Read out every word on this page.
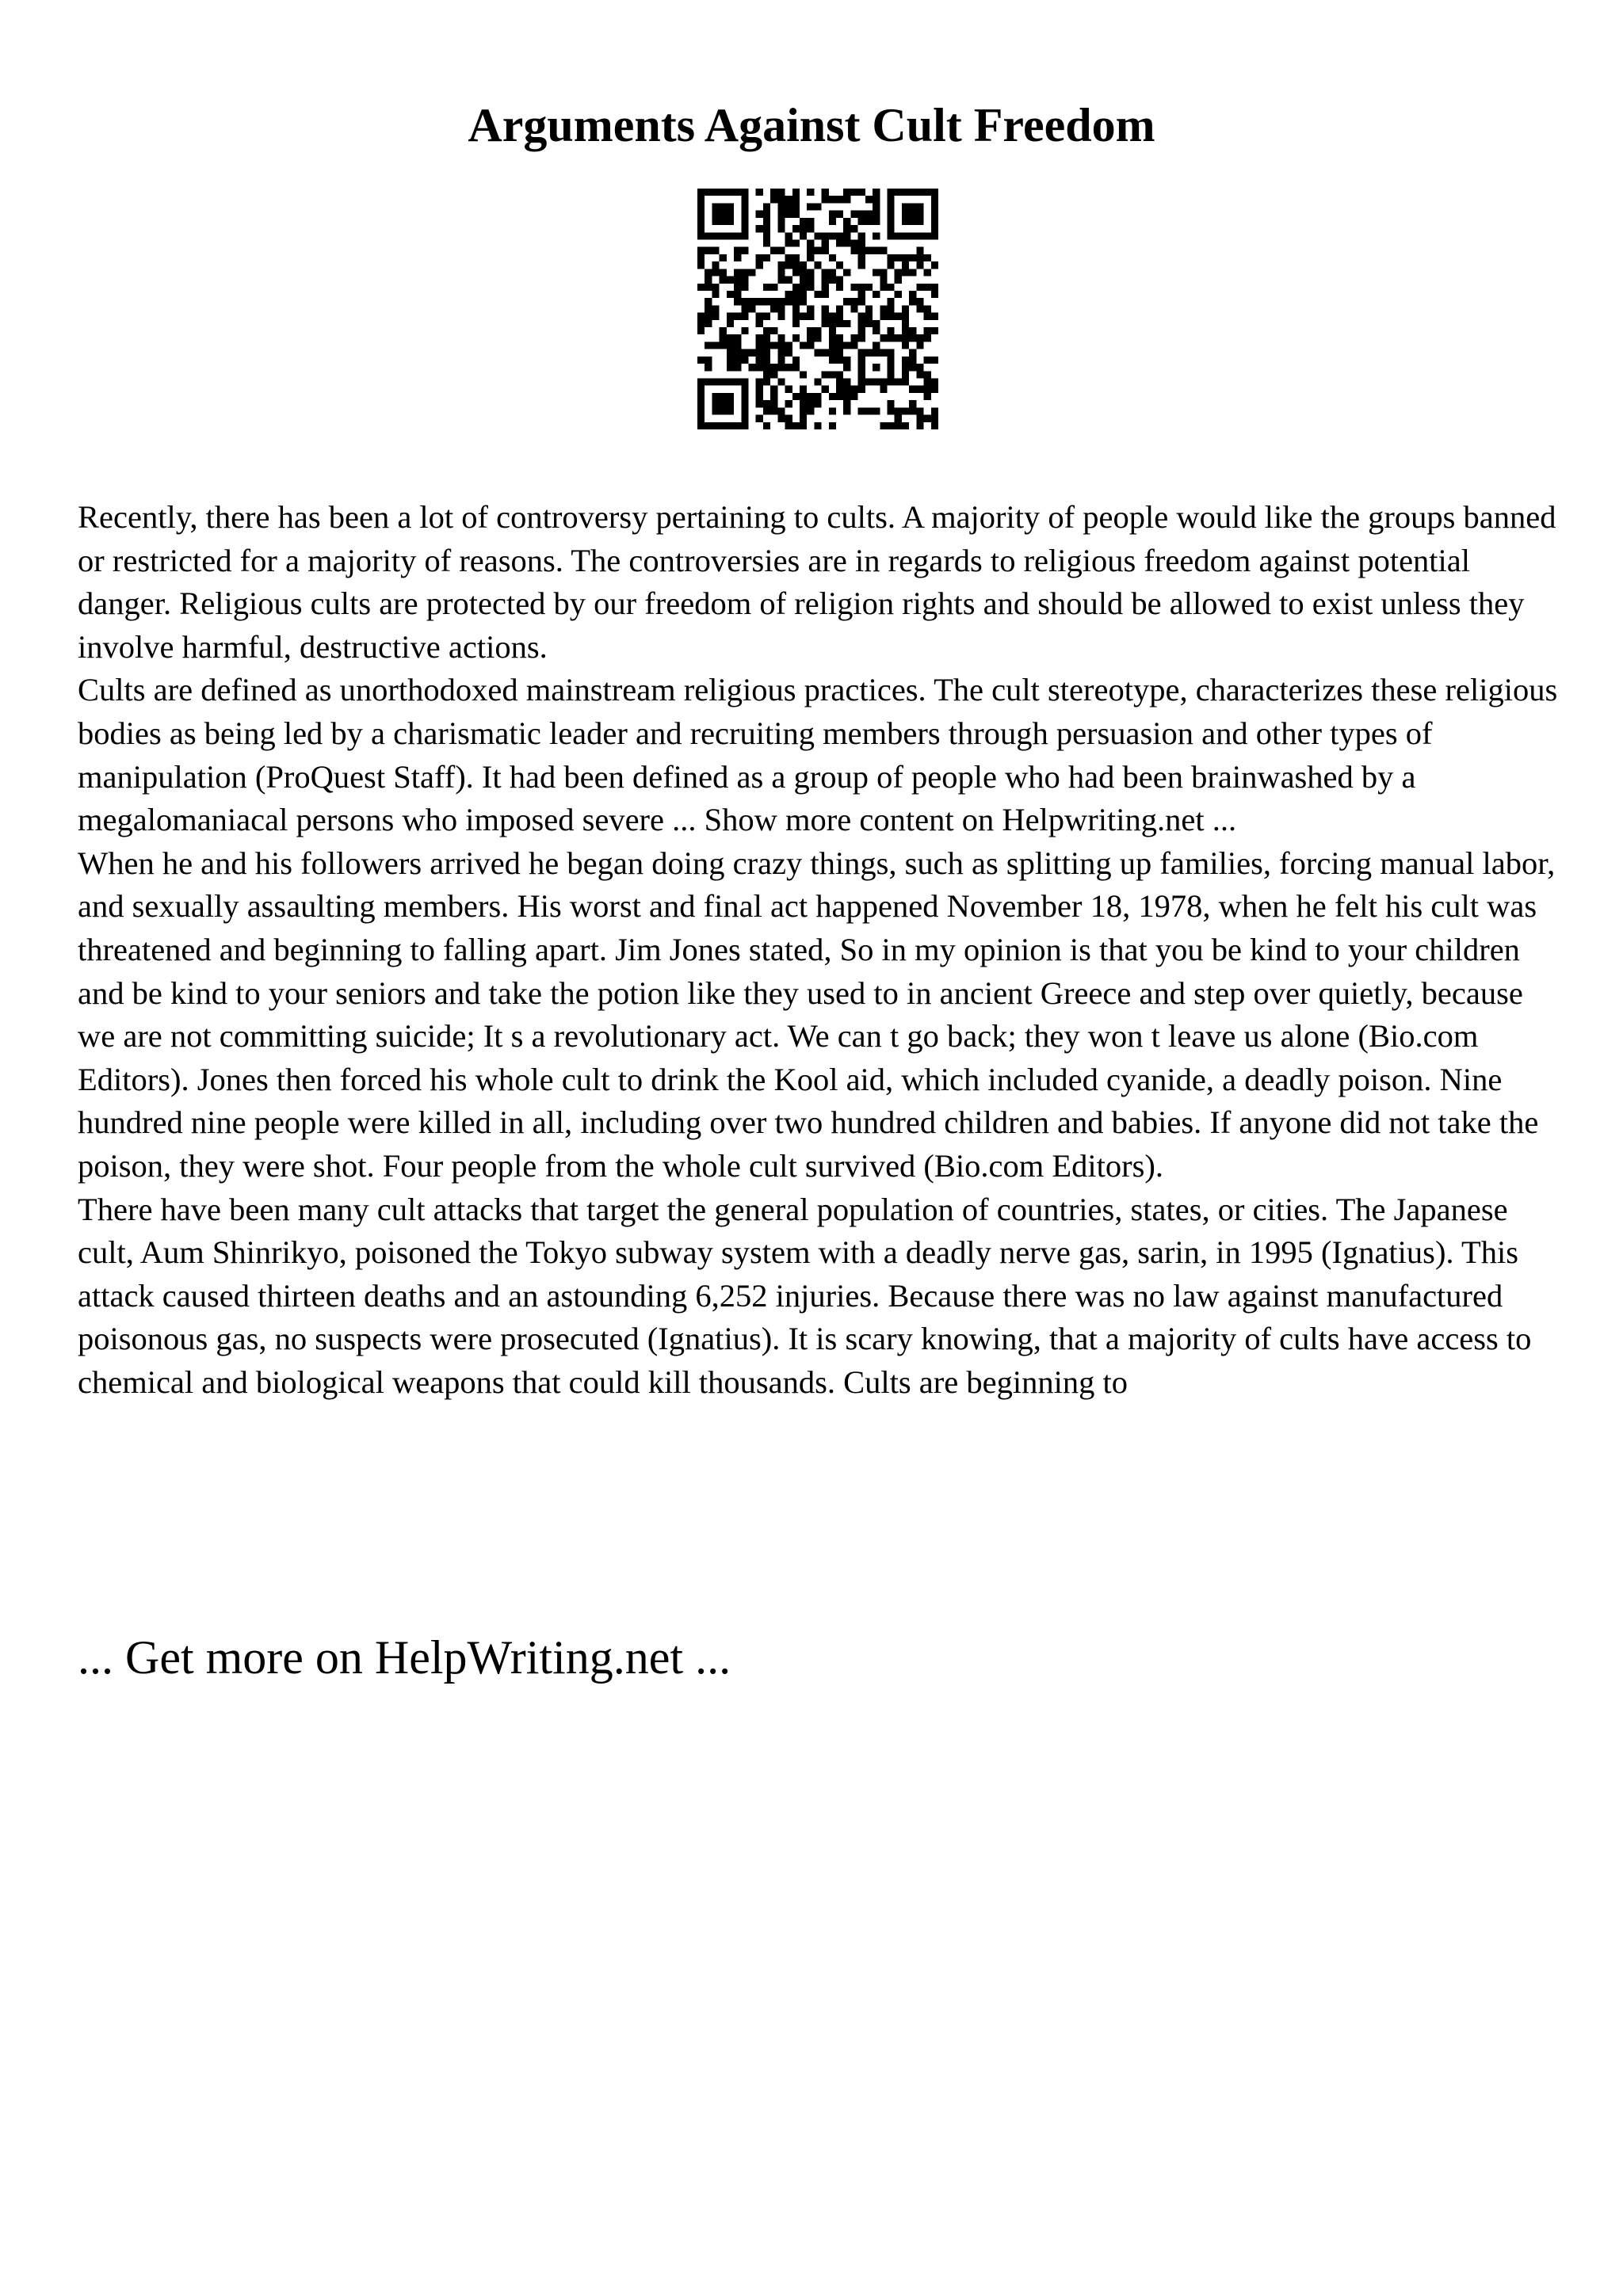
Arguments Against Cult Freedom

Recently, there has been a lot of controversy pertaining to cults. A majority of people would like the groups banned or restricted for a majority of reasons. The controversies are in regards to religious freedom against potential danger. Religious cults are protected by our freedom of religion rights and should be allowed to exist unless they involve harmful, destructive actions.

Cults are defined as unorthodoxed mainstream religious practices. The cult stereotype, characterizes these religious bodies as being led by a charismatic leader and recruiting members through persuasion and other types of manipulation (ProQuest Staff). It had been defined as a group of people who had been brainwashed by a megalomaniacal persons who imposed severe ... Show more content on Helpwriting.net ...

When he and his followers arrived he began doing crazy things, such as splitting up families, forcing manual labor, and sexually assaulting members. His worst and final act happened November 18, 1978, when he felt his cult was threatened and beginning to falling apart. Jim Jones stated, So in my opinion is that you be kind to your children and be kind to your seniors and take the potion like they used to in ancient Greece and step over quietly, because we are not committing suicide; It s a revolutionary act. We can t go back; they won t leave us alone (Bio.com Editors). Jones then forced his whole cult to drink the Kool aid, which included cyanide, a deadly poison. Nine hundred nine people were killed in all, including over two hundred children and babies. If anyone did not take the poison, they were shot. Four people from the whole cult survived (Bio.com Editors).

There have been many cult attacks that target the general population of countries, states, or cities. The Japanese cult, Aum Shinrikyo, poisoned the Tokyo subway system with a deadly nerve gas, sarin, in 1995 (Ignatius). This attack caused thirteen deaths and an astounding 6,252 injuries. Because there was no law against manufactured poisonous gas, no suspects were prosecuted (Ignatius). It is scary knowing, that a majority of cults have access to chemical and biological weapons that could kill thousands. Cults are beginning to

... Get more on HelpWriting.net ...
